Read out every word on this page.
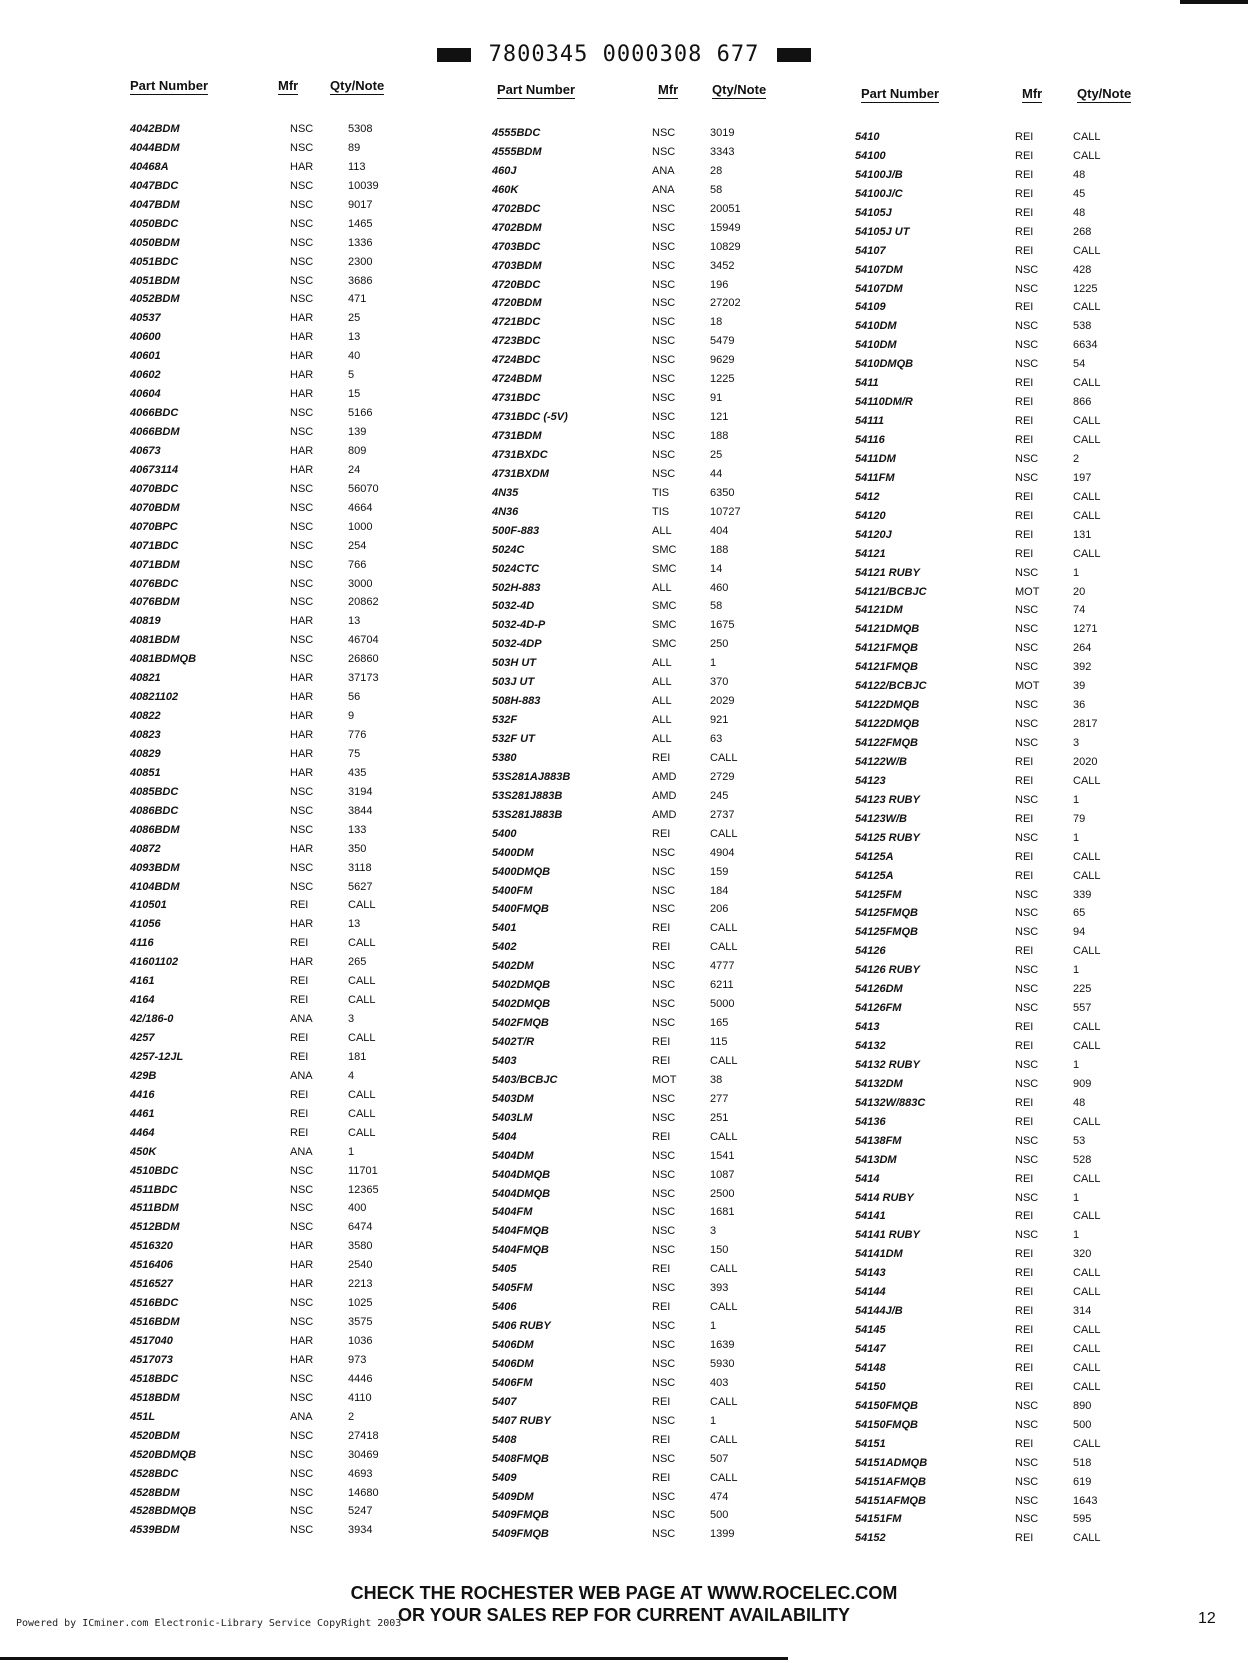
7800345 0000308 677
Part Number	Mfr Qty/Note
4042BDM	NSC	5308
4044BDM	NSC	89
40468A	HAR	113
4047BDC	NSC	10039
4047BDM	NSC	9017
4050BDC	NSC	1465
4050BDM	NSC	1336
4051BDC	NSC	2300
4051BDM	NSC	3686
4052BDM	NSC	471
40537	HAR	25
40600	HAR	13
40601	HAR	40
40602	HAR	5
40604	HAR	15
4066BDC	NSC	5166
4066BDM	NSC	139
40673	HAR	809
40673114	HAR	24
4070BDC	NSC	56070
4070BDM	NSC	4664
4070BPC	NSC	1000
4071BDC	NSC	254
4071BDM	NSC	766
4076BDC	NSC	3000
4076BDM	NSC	20862
40819	HAR	13
4081BDM	NSC	46704
4081BDMQB	NSC	26860
40821	HAR	37173
40821102	HAR	56
40822	HAR	9
40823	HAR	776
40829	HAR	75
40851	HAR	435
4085BDC	NSC	3194
4086BDC	NSC	3844
4086BDM	NSC	133
40872	HAR	350
4093BDM	NSC	3118
4104BDM	NSC	5627
410501	REI	CALL
41056	HAR	13
4116	REI	CALL
41601102	HAR	265
4161	REI	CALL
4164	REI	CALL
42/186-0	ANA	3
4257	REI	CALL
4257-12JL	REI	181
429B	ANA	4
4416	REI	CALL
4461	REI	CALL
4464	REI	CALL
450K	ANA	1
4510BDC	NSC	11701
4511BDC	NSC	12365
4511BDM	NSC	400
4512BDM	NSC	6474
4516320	HAR	3580
4516406	HAR	2540
4516527	HAR	2213
4516BDC	NSC	1025
4516BDM	NSC	3575
4517040	HAR	1036
4517073	HAR	973
4518BDC	NSC	4446
4518BDM	NSC	4110
451L	ANA	2
4520BDM	NSC	27418
4520BDMQB	NSC	30469
4528BDC	NSC	4693
4528BDM	NSC	14680
4528BDMQB	NSC	5247
4539BDM	NSC	3934
Part Number	Mfr	Qty/Note
4555BDC	NSC	3019
4555BDM	NSC	3343
460J	ANA	28
460K	ANA	58
4702BDC	NSC	20051
4702BDM	NSC	15949
4703BDC	NSC	10829
4703BDM	NSC	3452
4720BDC	NSC	196
4720BDM	NSC	27202
4721BDC	NSC	18
4723BDC	NSC	5479
4724BDC	NSC	9629
4724BDM	NSC	1225
4731BDC	NSC	91
4731BDC (-5V)	NSC	121
4731BDM	NSC	188
4731BXDC	NSC	25
4731BXDM	NSC	44
4N35	TIS	6350
4N36	TIS	10727
500F-883	ALL	404
5024C	SMC	188
5024CTC	SMC	14
502H-883	ALL	460
5032-4D	SMC	58
5032-4D-P	SMC	1675
5032-4DP	SMC	250
503H UT	ALL	1
503J UT	ALL	370
508H-883	ALL	2029
532F	ALL	921
532F UT	ALL	63
5380	REI	CALL
53S281AJ883B	AMD	2729
53S281J883B	AMD	245
53S281J883B	AMD	2737
5400	REI	CALL
5400DM	NSC	4904
5400DMQB	NSC	159
5400FM	NSC	184
5400FMQB	NSC	206
5401	REI	CALL
5402	REI	CALL
5402DM	NSC	4777
5402DMQB	NSC	6211
5402DMQB	NSC	5000
5402FMQB	NSC	165
5402T/R	REI	115
5403	REI	CALL
5403/BCBJC	MOT	38
5403DM	NSC	277
5403LM	NSC	251
5404	REI	CALL
5404DM	NSC	1541
5404DMQB	NSC	1087
5404DMQB	NSC	2500
5404FM	NSC	1681
5404FMQB	NSC	3
5404FMQB	NSC	150
5405	REI	CALL
5405FM	NSC	393
5406	REI	CALL
5406 RUBY	NSC	1
5406DM	NSC	1639
5406DM	NSC	5930
5406FM	NSC	403
5407	REI	CALL
5407 RUBY	NSC	1
5408	REI	CALL
5408FMQB	NSC	507
5409	REI	CALL
5409DM	NSC	474
5409FMQB	NSC	500
5409FMQB	NSC	1399
Part Number	Mfr	Qty/Note
5410	REI	CALL
54100	REI	CALL
54100J/B	REI	48
54100J/C	REI	45
54105J	REI	48
54105J UT	REI	268
54107	REI	CALL
54107DM	NSC	428
54107DM	NSC	1225
54109	REI	CALL
5410DM	NSC	538
5410DM	NSC	6634
5410DMQB	NSC	54
5411	REI	CALL
54110DM/R	REI	866
54111	REI	CALL
54116	REI	CALL
5411DM	NSC	2
5411FM	NSC	197
5412	REI	CALL
54120	REI	CALL
54120J	REI	131
54121	REI	CALL
54121 RUBY	NSC	1
54121/BCBJC	MOT	20
54121DM	NSC	74
54121DMQB	NSC	1271
54121FMQB	NSC	264
54121FMQB	NSC	392
54122/BCBJC	MOT	39
54122DMQB	NSC	36
54122DMQB	NSC	2817
54122FMQB	NSC	3
54122W/B	REI	2020
54123	REI	CALL
54123 RUBY	NSC	1
54123W/B	REI	79
54125 RUBY	NSC	1
54125A	REI	CALL
54125A	REI	CALL
54125FM	NSC	339
54125FMQB	NSC	65
54125FMQB	NSC	94
54126	REI	CALL
54126 RUBY	NSC	1
54126DM	NSC	225
54126FM	NSC	557
5413	REI	CALL
54132	REI	CALL
54132 RUBY	NSC	1
54132DM	NSC	909
54132W/883C	REI	48
54136	REI	CALL
54138FM	NSC	53
5413DM	NSC	528
5414	REI	CALL
5414 RUBY	NSC	1
54141	REI	CALL
54141 RUBY	NSC	1
54141DM	REI	320
54143	REI	CALL
54144	REI	CALL
54144J/B	REI	314
54145	REI	CALL
54147	REI	CALL
54148	REI	CALL
54150	REI	CALL
54150FMQB	NSC	890
54150FMQB	NSC	500
54151	REI	CALL
54151ADMQB	NSC	518
54151AFMQB	NSC	619
54151AFMQB	NSC	1643
54151FM	NSC	595
54152	REI	CALL
CHECK THE ROCHESTER WEB PAGE AT WWW.ROCELEC.COM
OR YOUR SALES REP FOR CURRENT AVAILABILITY	12
Powered by ICminer.com Electronic-Library Service CopyRight 2003
